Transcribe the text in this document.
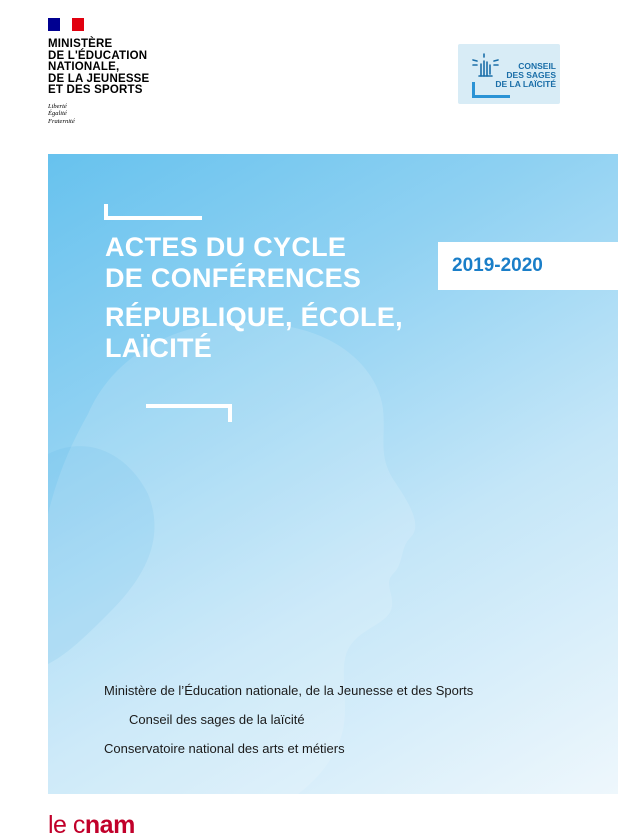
MINISTÈRE
DE L'ÉDUCATION
NATIONALE,
DE LA JEUNESSE
ET DES SPORTS
Liberté
Égalité
Fraternité
CONSEIL
DES SAGES
DE LA LAÏCITÉ
ACTES DU CYCLE
DE CONFÉRENCES
RÉPUBLIQUE, ÉCOLE,
LAÏCITÉ
2019-2020
Ministère de l’Éducation nationale, de la Jeunesse et des Sports
Conseil des sages de la laïcité
Conservatoire national des arts et métiers
le cnam
